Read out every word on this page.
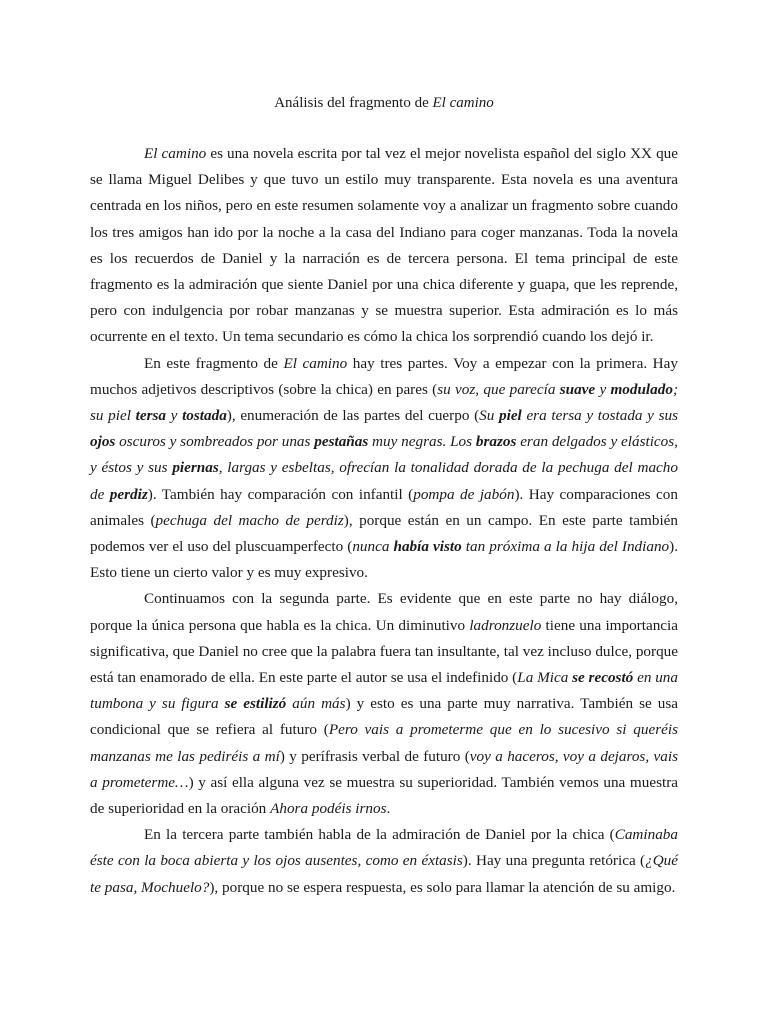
Análisis del fragmento de El camino

El camino es una novela escrita por tal vez el mejor novelista español del siglo XX que se llama Miguel Delibes y que tuvo un estilo muy transparente. Esta novela es una aventura centrada en los niños, pero en este resumen solamente voy a analizar un fragmento sobre cuando los tres amigos han ido por la noche a la casa del Indiano para coger manzanas. Toda la novela es los recuerdos de Daniel y la narración es de tercera persona. El tema principal de este fragmento es la admiración que siente Daniel por una chica diferente y guapa, que les reprende, pero con indulgencia por robar manzanas y se muestra superior. Esta admiración es lo más ocurrente en el texto. Un tema secundario es cómo la chica los sorprendió cuando los dejó ir.

En este fragmento de El camino hay tres partes. Voy a empezar con la primera. Hay muchos adjetivos descriptivos (sobre la chica) en pares (su voz, que parecía suave y modulado; su piel tersa y tostada), enumeración de las partes del cuerpo (Su piel era tersa y tostada y sus ojos oscuros y sombreados por unas pestañas muy negras. Los brazos eran delgados y elásticos, y éstos y sus piernas, largas y esbeltas, ofrecían la tonalidad dorada de la pechuga del macho de perdiz). También hay comparación con infantil (pompa de jabón). Hay comparaciones con animales (pechuga del macho de perdiz), porque están en un campo. En este parte también podemos ver el uso del pluscuamperfecto (nunca había visto tan próxima a la hija del Indiano). Esto tiene un cierto valor y es muy expresivo.

Continuamos con la segunda parte. Es evidente que en este parte no hay diálogo, porque la única persona que habla es la chica. Un diminutivo ladronzuelo tiene una importancia significativa, que Daniel no cree que la palabra fuera tan insultante, tal vez incluso dulce, porque está tan enamorado de ella. En este parte el autor se usa el indefinido (La Mica se recostó en una tumbona y su figura se estilizó aún más) y esto es una parte muy narrativa. También se usa condicional que se refiera al futuro (Pero vais a prometerme que en lo sucesivo si queréis manzanas me las pediréis a mí) y perífrasis verbal de futuro (voy a haceros, voy a dejaros, vais a prometerme…) y así ella alguna vez se muestra su superioridad. También vemos una muestra de superioridad en la oración Ahora podéis irnos.

En la tercera parte también habla de la admiración de Daniel por la chica (Caminaba éste con la boca abierta y los ojos ausentes, como en éxtasis). Hay una pregunta retórica (¿Qué te pasa, Mochuelo?), porque no se espera respuesta, es solo para llamar la atención de su amigo.
